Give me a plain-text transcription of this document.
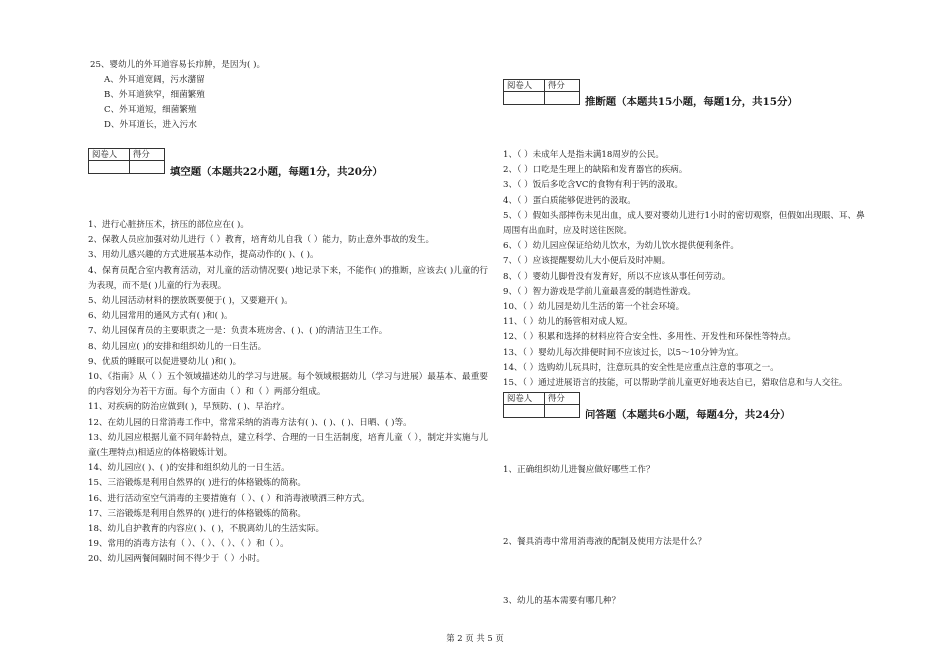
25、婴幼儿的外耳道容易长疖肿，是因为( )。
A、外耳道宽阔，污水潴留
B、外耳道狭窄，细菌繁殖
C、外耳道短，细菌繁殖
D、外耳道长，进入污水
阅卷人	得分

填空题（本题共22小题，每题1分，共20分）
1、进行心脏挤压术，挤压的部位应在( )。
2、保教人员应加强对幼儿进行（ ）教育，培育幼儿自我（ ）能力，防止意外事故的发生。
3、用幼儿感兴趣的方式进展基本动作，提高动作的( )、( )。
4、保育员配合室内教育活动，对儿童的活动情况要( )地记录下来，不能作( )的推断，应该去( )儿童的行为表现，而不是( )儿童的行为表现。
5、幼儿园活动材料的摆放既要便于( )，又要避开( )。
6、幼儿园常用的通风方式有( )和( )。
7、幼儿园保育员的主要职责之一是：负责本班房舍、( )、( )的清洁卫生工作。
8、幼儿园应( )的安排和组织幼儿的一日生活。
9、优质的睡眠可以促进婴幼儿( )和( )。
10、《指南》从（ ）五个领域描述幼儿的学习与进展。每个领域根据幼儿（学习与进展）最基本、最重要的内容划分为若干方面。每个方面由（ ）和（ ）两部分组成。
11、对疾病的防治应做到( )，早预防、( )、早治疗。
12、在幼儿园的日常消毒工作中，常常采纳的消毒方法有( )、( )、( )、日晒、( )等。
13、幼儿园应根据儿童不同年龄特点，建立科学、合理的一日生活制度，培育儿童（ ），制定并实施与儿童(生理特点)相适应的体格锻炼计划。
14、幼儿园应( )、( )的安排和组织幼儿的一日生活。
15、三浴锻炼是利用自然界的( )进行的体格锻炼的简称。
16、进行活动室空气消毒的主要措施有（ ）、( ）和消毒液喷洒三种方式。
17、三浴锻炼是利用自然界的( )进行的体格锻炼的简称。
18、幼儿自护教育的内容应( )、( )，不脱离幼儿的生活实际。
19、常用的消毒方法有（ ）、（ ）、（ ）、（ ）和（ ）。
20、幼儿园两餐间隔时间不得少于（ ）小时。
阅卷人	得分

推断题（本题共15小题，每题1分，共15分）
1、（ ）未成年人是指未满18周岁的公民。
2、（ ）口吃是生理上的缺陷和发育器官的疾病。
3、（ ）饭后多吃含VC的食物有利于钙的汲取。
4、（ ）蛋白质能够促进钙的汲取。
5、（ ）假如头部摔伤未见出血，成人要对婴幼儿进行1小时的密切观察，但假如出现眼、耳、鼻周围有出血时，应及时送往医院。
6、（ ）幼儿园应保证给幼儿饮水，为幼儿饮水提供便利条件。
7、（ ）应该提醒婴幼儿大小便后及时冲厕。
8、（ ）婴幼儿脚骨没有发育好，所以不应该从事任何劳动。
9、（ ）智力游戏是学前儿童最喜爱的制造性游戏。
10、（ ）幼儿园是幼儿生活的第一个社会环境。
11、（ ）幼儿的肠管相对成人短。
12、（ ）积累和选择的材料应符合安全性、多用性、开发性和环保性等特点。
13、（ ）婴幼儿每次排便时间不应该过长，以5～10分钟为宜。
14、（ ）选购幼儿玩具时，注意玩具的安全性是应重点注意的事项之一。
15、（ ）通过进展语言的技能，可以帮助学前儿童更好地表达自已，猎取信息和与人交往。
阅卷人	得分

问答题（本题共6小题，每题4分，共24分）
1、正确组织幼儿进餐应做好哪些工作？
2、餐具消毒中常用消毒液的配制及使用方法是什么？
3、幼儿的基本需要有哪几种？
第 2 页 共 5 页
